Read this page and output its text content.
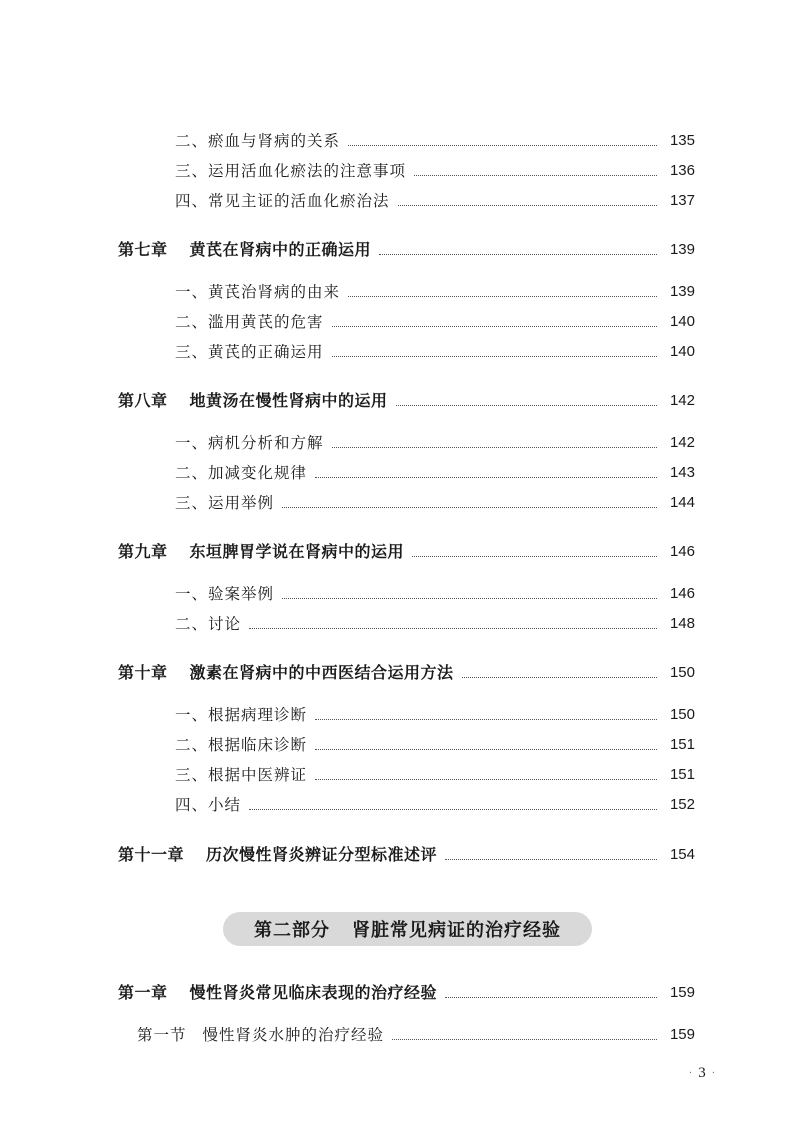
二、瘀血与肾病的关系	135
三、运用活血化瘀法的注意事项	136
四、常见主证的活血化瘀治法	137
第七章 黄芪在肾病中的正确运用	139
一、黄芪治肾病的由来	139
二、滥用黄芪的危害	140
三、黄芪的正确运用	140
第八章 地黄汤在慢性肾病中的运用	142
一、病机分析和方解	142
二、加减变化规律	143
三、运用举例	144
第九章 东垣脾胃学说在肾病中的运用	146
一、验案举例	146
二、讨论	148
第十章 激素在肾病中的中西医结合运用方法	150
一、根据病理诊断	150
二、根据临床诊断	151
三、根据中医辨证	151
四、小结	152
第十一章 历次慢性肾炎辨证分型标准述评	154
第二部分 肾脏常见病证的治疗经验
第一章 慢性肾炎常见临床表现的治疗经验	159
第一节 慢性肾炎水肿的治疗经验	159
· 3 ·
